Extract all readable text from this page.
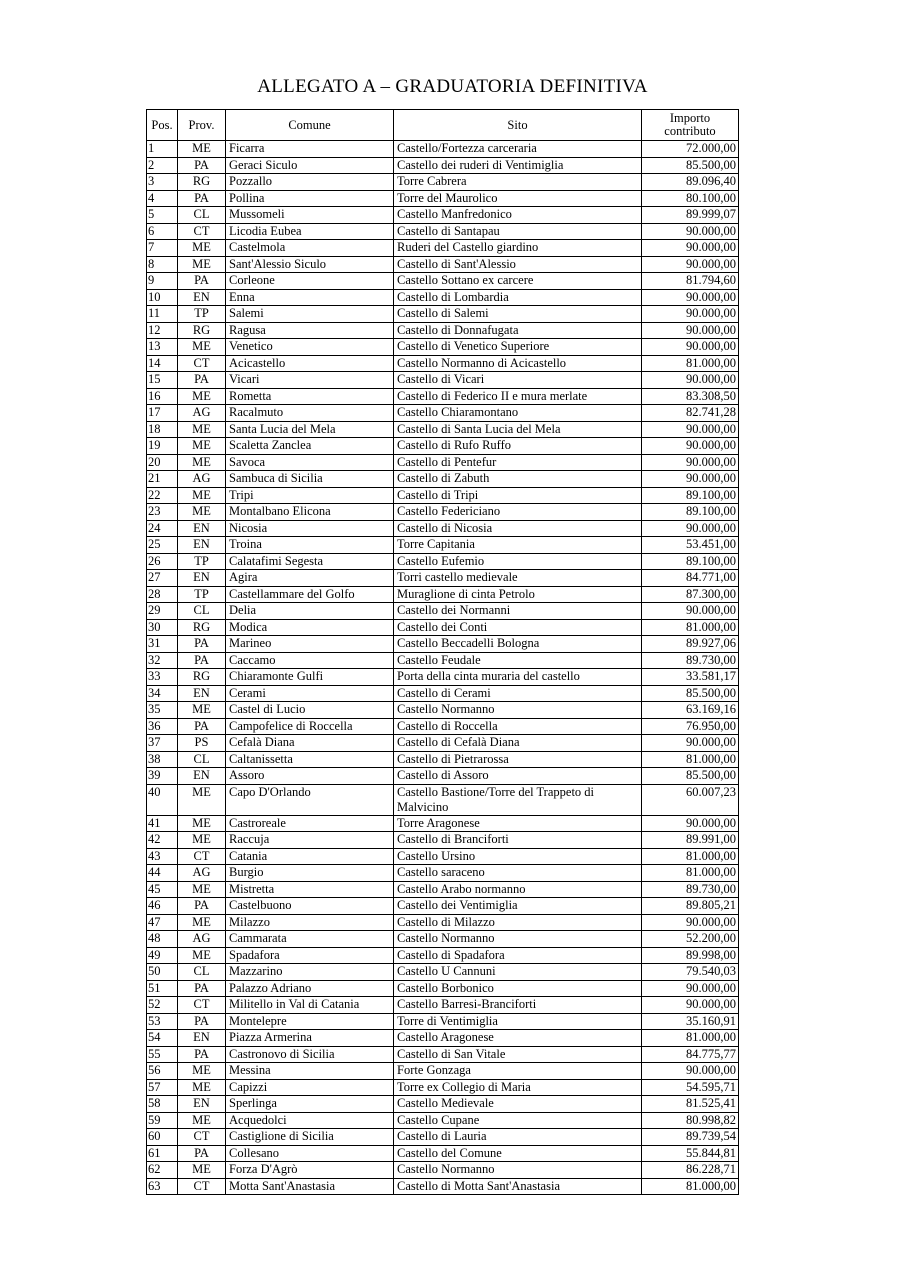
ALLEGATO A – GRADUATORIA DEFINITIVA
Pos.	Prov.	Comune	Sito	Importo contributo
1	ME	Ficarra	Castello/Fortezza carceraria	72.000,00
2	PA	Geraci Siculo	Castello dei ruderi di Ventimiglia	85.500,00
3	RG	Pozzallo	Torre Cabrera	89.096,40
4	PA	Pollina	Torre del Maurolico	80.100,00
5	CL	Mussomeli	Castello Manfredonico	89.999,07
6	CT	Licodia Eubea	Castello di Santapau	90.000,00
7	ME	Castelmola	Ruderi del Castello giardino	90.000,00
8	ME	Sant'Alessio Siculo	Castello di Sant'Alessio	90.000,00
9	PA	Corleone	Castello Sottano ex carcere	81.794,60
10	EN	Enna	Castello di Lombardia	90.000,00
11	TP	Salemi	Castello di Salemi	90.000,00
12	RG	Ragusa	Castello di Donnafugata	90.000,00
13	ME	Venetico	Castello di Venetico Superiore	90.000,00
14	CT	Acicastello	Castello Normanno di Acicastello	81.000,00
15	PA	Vicari	Castello di Vicari	90.000,00
16	ME	Rometta	Castello di Federico II e mura merlate	83.308,50
17	AG	Racalmuto	Castello Chiaramontano	82.741,28
18	ME	Santa Lucia del Mela	Castello di Santa Lucia del Mela	90.000,00
19	ME	Scaletta Zanclea	Castello di Rufo Ruffo	90.000,00
20	ME	Savoca	Castello di Pentefur	90.000,00
21	AG	Sambuca di Sicilia	Castello di Zabuth	90.000,00
22	ME	Tripi	Castello di Tripi	89.100,00
23	ME	Montalbano Elicona	Castello Federiciano	89.100,00
24	EN	Nicosia	Castello di Nicosia	90.000,00
25	EN	Troina	Torre Capitania	53.451,00
26	TP	Calatafimi Segesta	Castello Eufemio	89.100,00
27	EN	Agira	Torri castello medievale	84.771,00
28	TP	Castellammare del Golfo	Muraglione di cinta Petrolo	87.300,00
29	CL	Delia	Castello dei Normanni	90.000,00
30	RG	Modica	Castello dei Conti	81.000,00
31	PA	Marineo	Castello Beccadelli Bologna	89.927,06
32	PA	Caccamo	Castello Feudale	89.730,00
33	RG	Chiaramonte Gulfi	Porta della cinta muraria del castello	33.581,17
34	EN	Cerami	Castello di Cerami	85.500,00
35	ME	Castel di Lucio	Castello Normanno	63.169,16
36	PA	Campofelice di Roccella	Castello di Roccella	76.950,00
37	PS	Cefalà Diana	Castello di Cefalà Diana	90.000,00
38	CL	Caltanissetta	Castello di Pietrarossa	81.000,00
39	EN	Assoro	Castello di Assoro	85.500,00
40	ME	Capo D'Orlando	Castello Bastione/Torre del Trappeto di Malvicino	60.007,23
41	ME	Castroreale	Torre Aragonese	90.000,00
42	ME	Raccuja	Castello di Branciforti	89.991,00
43	CT	Catania	Castello Ursino	81.000,00
44	AG	Burgio	Castello saraceno	81.000,00
45	ME	Mistretta	Castello Arabo normanno	89.730,00
46	PA	Castelbuono	Castello dei Ventimiglia	89.805,21
47	ME	Milazzo	Castello di Milazzo	90.000,00
48	AG	Cammarata	Castello Normanno	52.200,00
49	ME	Spadafora	Castello di Spadafora	89.998,00
50	CL	Mazzarino	Castello U Cannuni	79.540,03
51	PA	Palazzo Adriano	Castello Borbonico	90.000,00
52	CT	Militello in Val di Catania	Castello Barresi-Branciforti	90.000,00
53	PA	Montelepre	Torre di Ventimiglia	35.160,91
54	EN	Piazza Armerina	Castello Aragonese	81.000,00
55	PA	Castronovo di Sicilia	Castello di San Vitale	84.775,77
56	ME	Messina	Forte Gonzaga	90.000,00
57	ME	Capizzi	Torre ex Collegio di Maria	54.595,71
58	EN	Sperlinga	Castello Medievale	81.525,41
59	ME	Acquedolci	Castello Cupane	80.998,82
60	CT	Castiglione di Sicilia	Castello di Lauria	89.739,54
61	PA	Collesano	Castello del Comune	55.844,81
62	ME	Forza D'Agrò	Castello Normanno	86.228,71
63	CT	Motta Sant'Anastasia	Castello di Motta Sant'Anastasia	81.000,00
